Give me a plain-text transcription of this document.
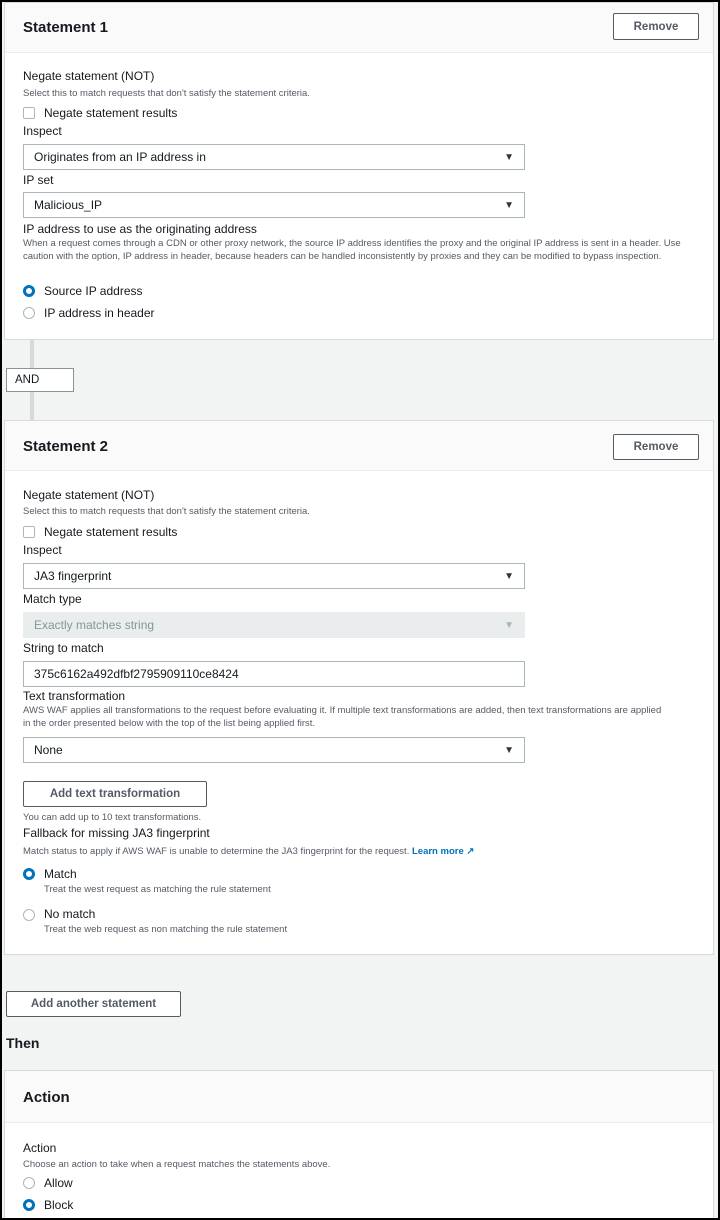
Statement 1	Remove
Negate statement (NOT)
Select this to match requests that don't satisfy the statement criteria.
Negate statement results
Inspect
Originates from an IP address in	▼
IP set
Malicious_IP	▼
IP address to use as the originating address
When a request comes through a CDN or other proxy network, the source IP address identifies the proxy and the original IP address is sent in a header. Use caution with the option, IP address in header, because headers can be handled inconsistently by proxies and they can be modified to bypass inspection.
Source IP address
IP address in header
AND
Statement 2	Remove
Negate statement (NOT)
Select this to match requests that don't satisfy the statement criteria.
Negate statement results
Inspect
JA3 fingerprint	▼
Match type
Exactly matches string	▼
String to match
375c6162a492dfbf2795909110ce8424
Text transformation
AWS WAF applies all transformations to the request before evaluating it. If multiple text transformations are added, then text transformations are applied in the order presented below with the top of the list being applied first.
None	▼
Add text transformation
You can add up to 10 text transformations.
Fallback for missing JA3 fingerprint
Match status to apply if AWS WAF is unable to determine the JA3 fingerprint for the request. Learn more ↗
Match
Treat the west request as matching the rule statement
No match
Treat the web request as non matching the rule statement
Add another statement
Then
Action
Action
Choose an action to take when a request matches the statements above.
Allow
Block
